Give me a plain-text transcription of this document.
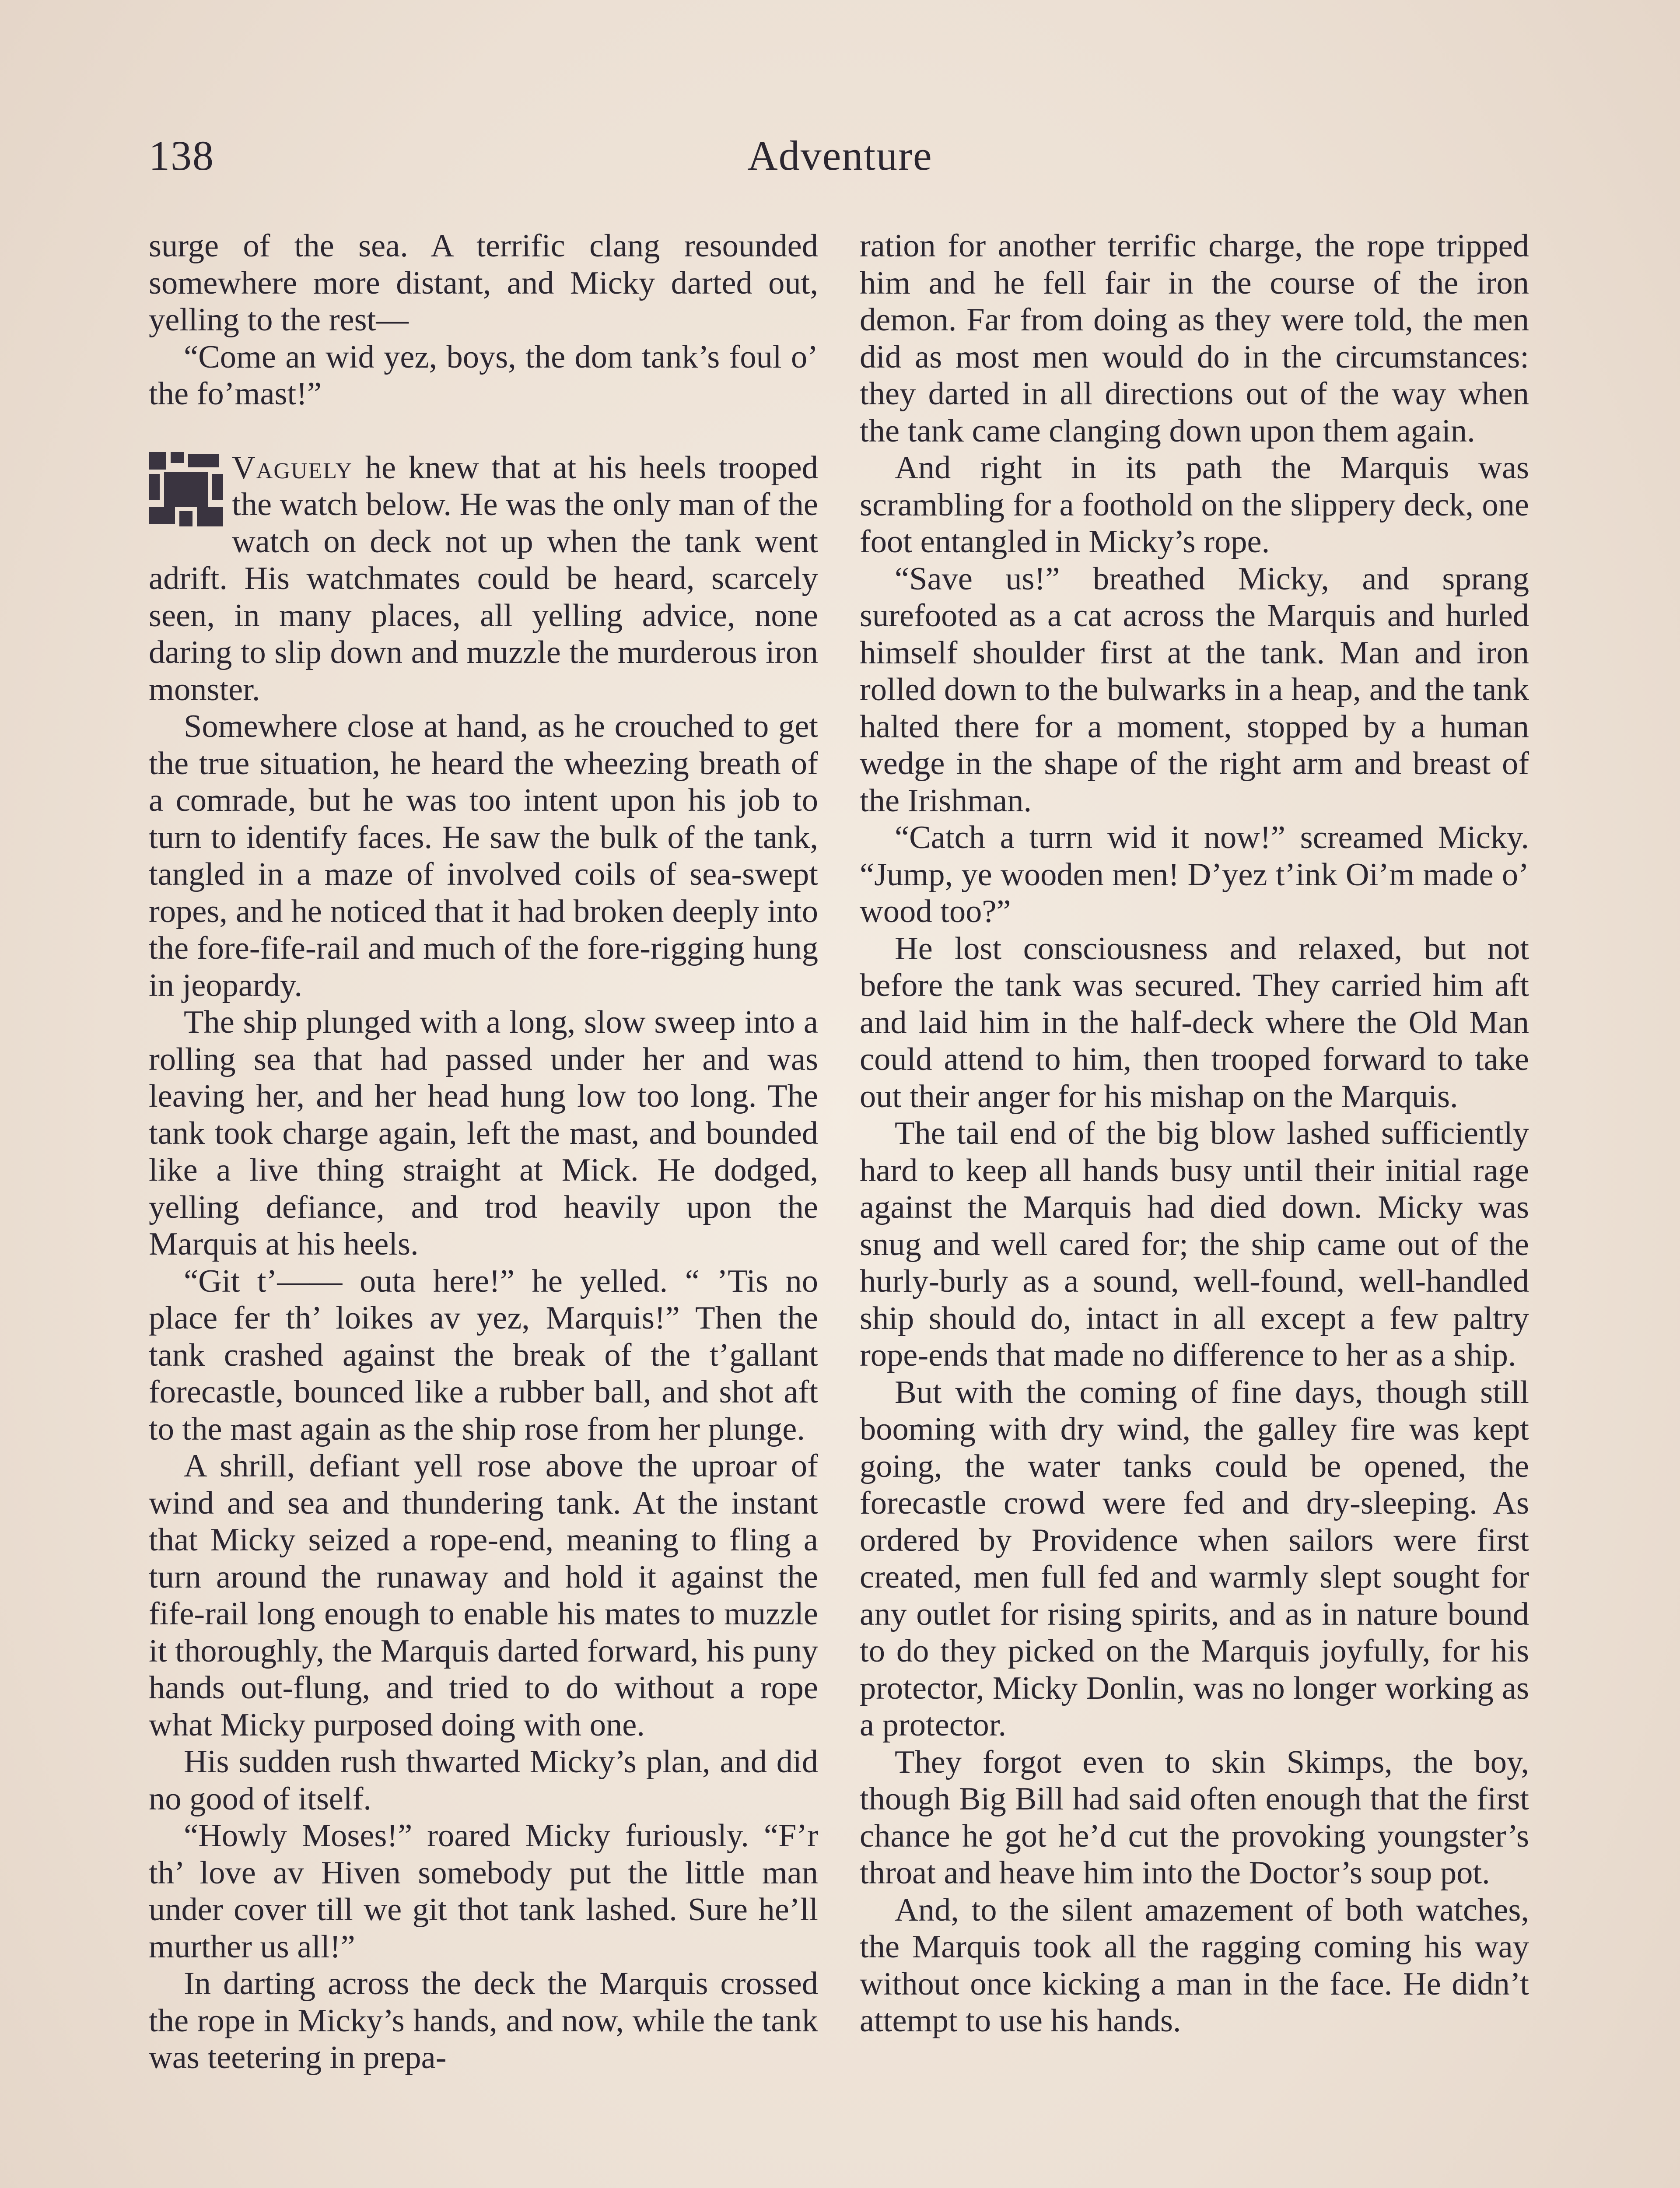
138	Adventure

surge of the sea. A terrific clang resounded somewhere more distant, and Micky darted out, yelling to the rest—

“Come an wid yez, boys, the dom tank’s foul o’ the fo’mast!”

Vaguely he knew that at his heels trooped the watch below. He was the only man of the watch on deck not up when the tank went adrift. His watchmates could be heard, scarcely seen, in many places, all yelling advice, none daring to slip down and muzzle the murderous iron monster.

Somewhere close at hand, as he crouched to get the true situation, he heard the wheezing breath of a comrade, but he was too intent upon his job to turn to identify faces. He saw the bulk of the tank, tangled in a maze of involved coils of sea-swept ropes, and he noticed that it had broken deeply into the fore-fife-rail and much of the fore-rigging hung in jeopardy.

The ship plunged with a long, slow sweep into a rolling sea that had passed under her and was leaving her, and her head hung low too long. The tank took charge again, left the mast, and bounded like a live thing straight at Mick. He dodged, yelling defiance, and trod heavily upon the Marquis at his heels.

“Git t’—— outa here!” he yelled. “ ’Tis no place fer th’ loikes av yez, Marquis!” Then the tank crashed against the break of the t’gallant forecastle, bounced like a rubber ball, and shot aft to the mast again as the ship rose from her plunge.

A shrill, defiant yell rose above the uproar of wind and sea and thundering tank. At the instant that Micky seized a rope-end, meaning to fling a turn around the runaway and hold it against the fife-rail long enough to enable his mates to muzzle it thoroughly, the Marquis darted forward, his puny hands out-flung, and tried to do without a rope what Micky purposed doing with one.

His sudden rush thwarted Micky’s plan, and did no good of itself.

“Howly Moses!” roared Micky furiously. “F’r th’ love av Hiven somebody put the little man under cover till we git thot tank lashed. Sure he’ll murther us all!”

In darting across the deck the Marquis crossed the rope in Micky’s hands, and now, while the tank was teetering in prepa-

ration for another terrific charge, the rope tripped him and he fell fair in the course of the iron demon. Far from doing as they were told, the men did as most men would do in the circumstances: they darted in all directions out of the way when the tank came clanging down upon them again.

And right in its path the Marquis was scrambling for a foothold on the slippery deck, one foot entangled in Micky’s rope.

“Save us!” breathed Micky, and sprang surefooted as a cat across the Marquis and hurled himself shoulder first at the tank. Man and iron rolled down to the bulwarks in a heap, and the tank halted there for a moment, stopped by a human wedge in the shape of the right arm and breast of the Irishman.

“Catch a turrn wid it now!” screamed Micky. “Jump, ye wooden men! D’yez t’ink Oi’m made o’ wood too?”

He lost consciousness and relaxed, but not before the tank was secured. They carried him aft and laid him in the half-deck where the Old Man could attend to him, then trooped forward to take out their anger for his mishap on the Marquis.

The tail end of the big blow lashed sufficiently hard to keep all hands busy until their initial rage against the Marquis had died down. Micky was snug and well cared for; the ship came out of the hurly-burly as a sound, well-found, well-handled ship should do, intact in all except a few paltry rope-ends that made no difference to her as a ship.

But with the coming of fine days, though still booming with dry wind, the galley fire was kept going, the water tanks could be opened, the forecastle crowd were fed and dry-sleeping. As ordered by Providence when sailors were first created, men full fed and warmly slept sought for any outlet for rising spirits, and as in nature bound to do they picked on the Marquis joyfully, for his protector, Micky Donlin, was no longer working as a protector.

They forgot even to skin Skimps, the boy, though Big Bill had said often enough that the first chance he got he’d cut the provoking youngster’s throat and heave him into the Doctor’s soup pot.

And, to the silent amazement of both watches, the Marquis took all the ragging coming his way without once kicking a man in the face. He didn’t attempt to use his hands.
